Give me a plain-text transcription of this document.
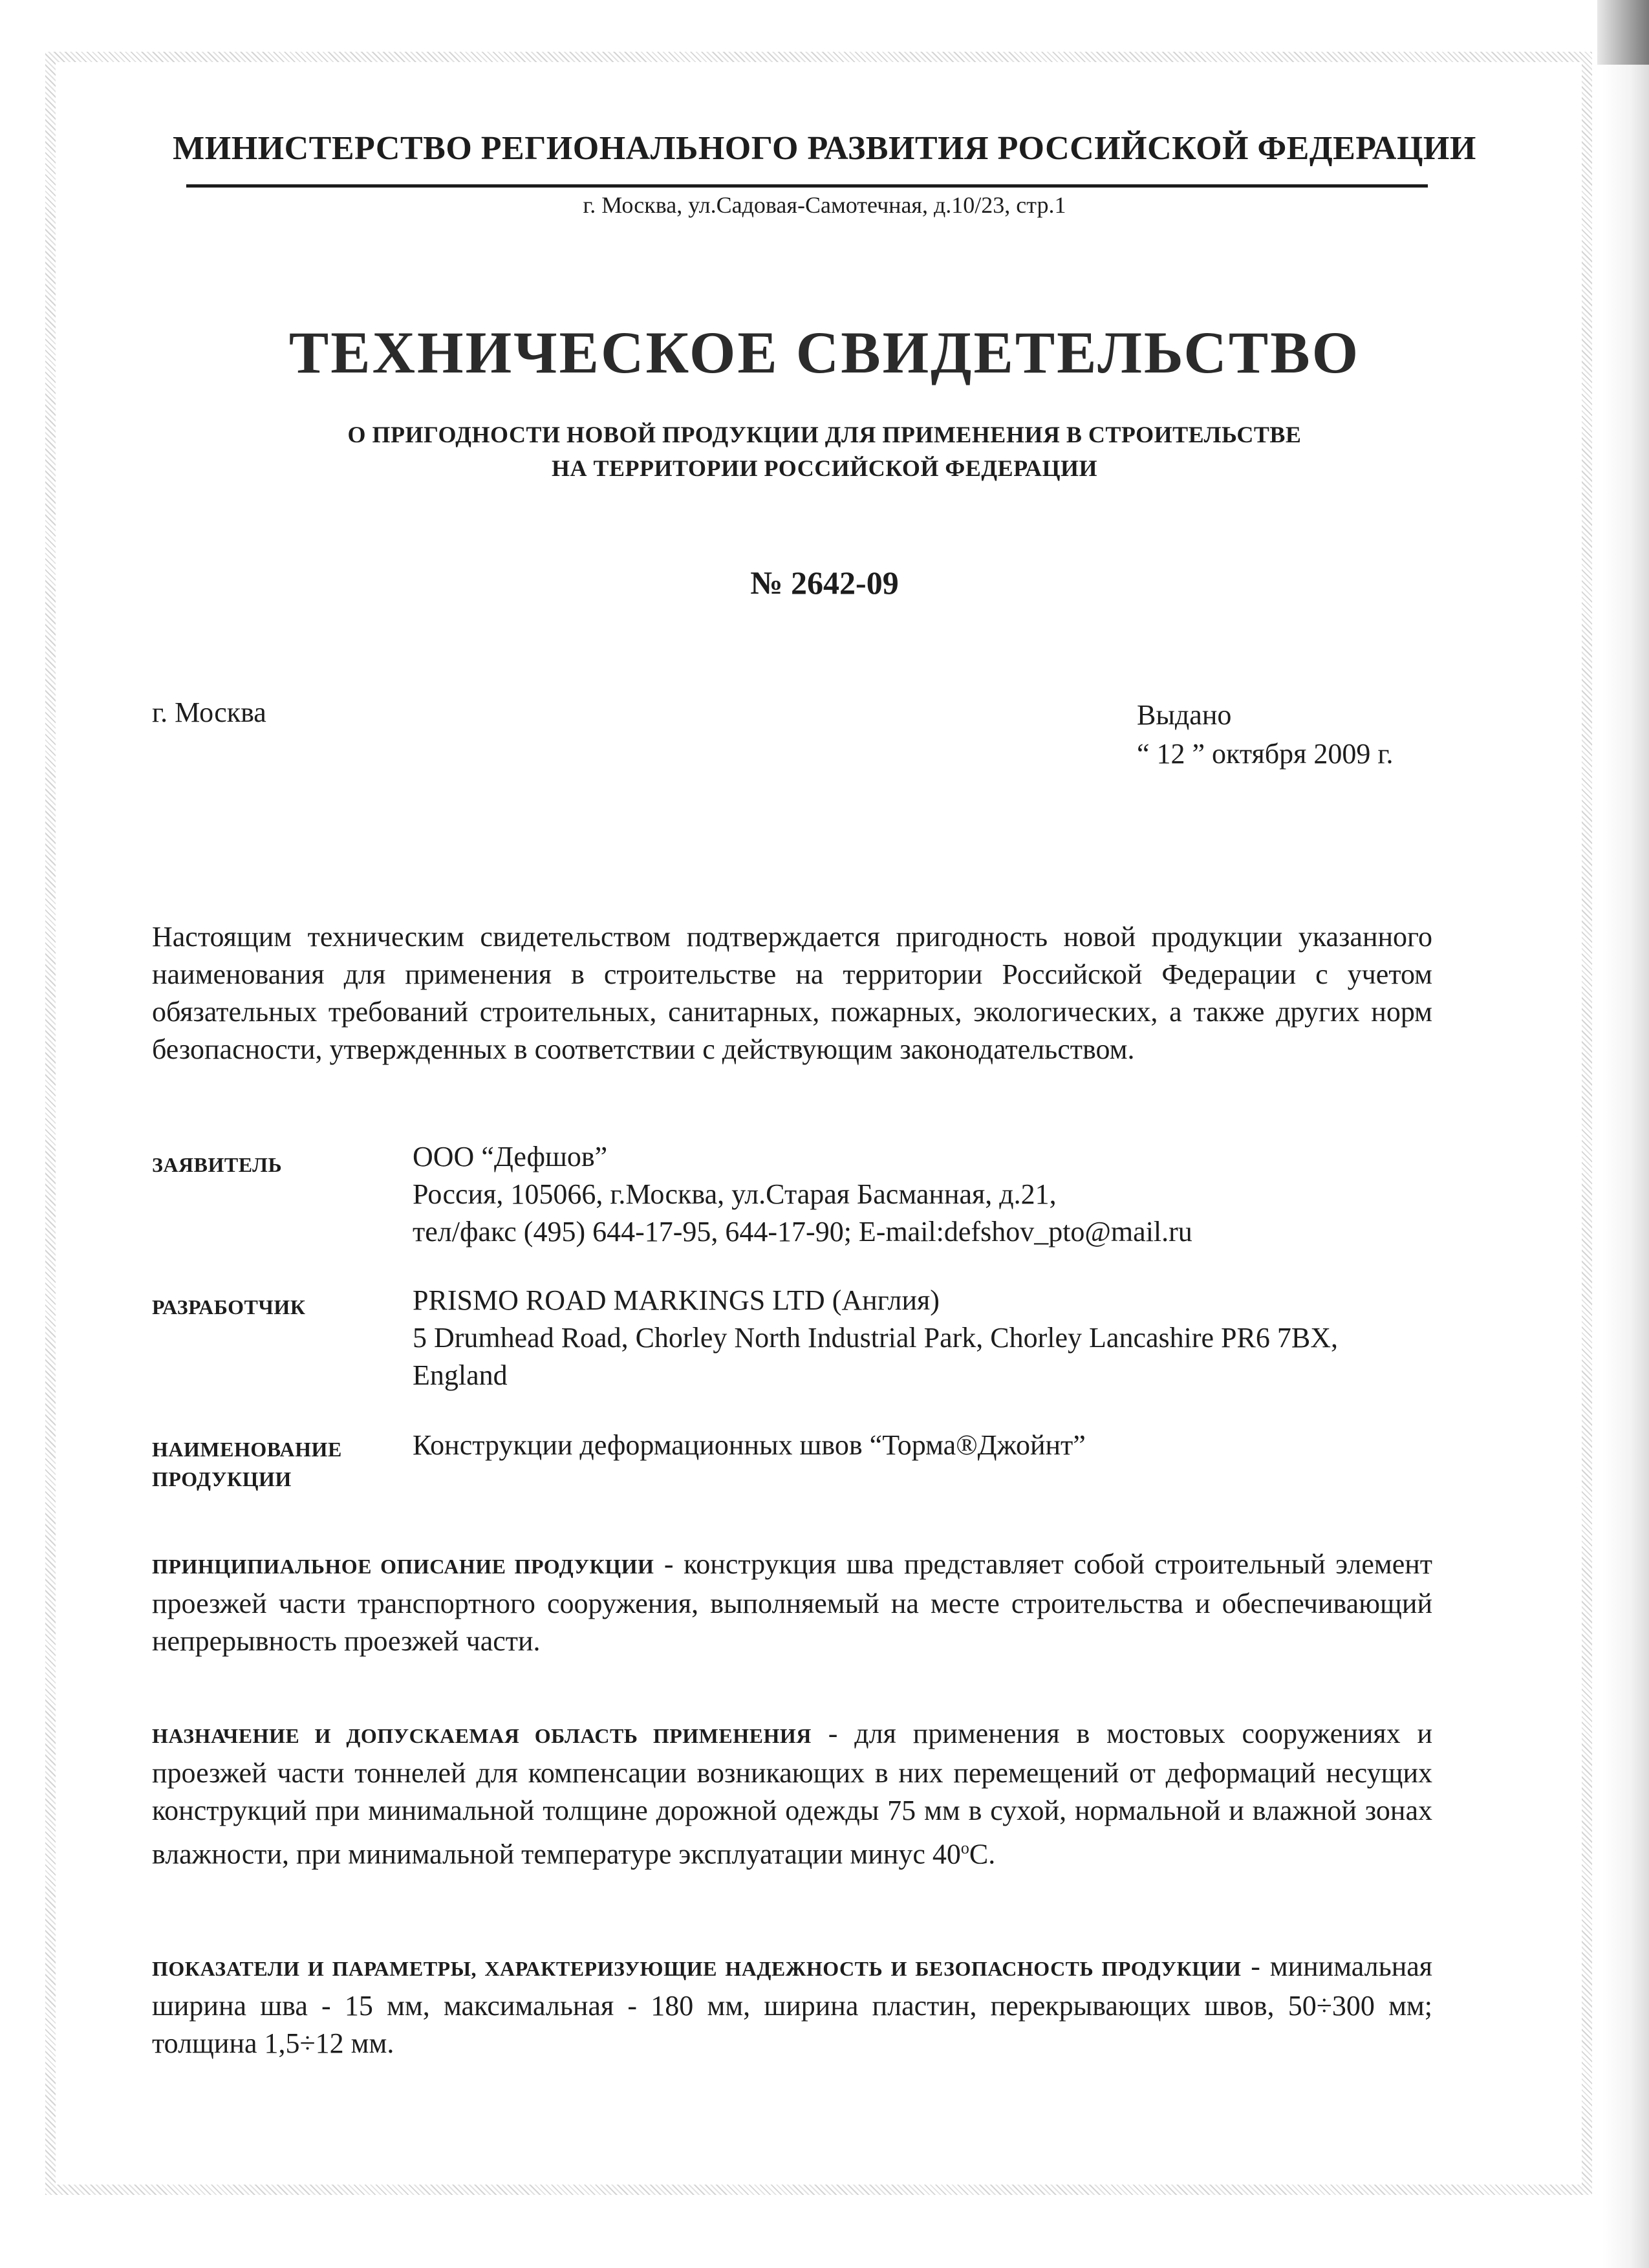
МИНИСТЕРСТВО РЕГИОНАЛЬНОГО РАЗВИТИЯ РОССИЙСКОЙ ФЕДЕРАЦИИ
г. Москва, ул.Садовая-Самотечная, д.10/23, стр.1
ТЕХНИЧЕСКОЕ СВИДЕТЕЛЬСТВО
О ПРИГОДНОСТИ НОВОЙ ПРОДУКЦИИ ДЛЯ ПРИМЕНЕНИЯ В СТРОИТЕЛЬСТВЕ
НА ТЕРРИТОРИИ РОССИЙСКОЙ ФЕДЕРАЦИИ
№ 2642-09
г. Москва	Выдано
“ 12 ” октября 2009 г.
Настоящим техническим свидетельством подтверждается пригодность новой продукции указанного наименования для применения в строительстве на территории Российской Федерации с учетом обязательных требований строительных, санитарных, пожарных, экологических, а также других норм безопасности, утвержденных в соответствии с действующим законодательством.
ЗАЯВИТЕЛЬ	ООО “Дефшов”
Россия, 105066, г.Москва, ул.Старая Басманная, д.21,
тел/факс (495) 644-17-95, 644-17-90; E-mail:defshov_pto@mail.ru
РАЗРАБОТЧИК	PRISMO ROAD MARKINGS LTD (Англия)
5 Drumhead Road, Chorley North Industrial Park, Chorley Lancashire PR6 7BX,
England
НАИМЕНОВАНИЕ
ПРОДУКЦИИ
Конструкции деформационных швов “Торма®Джойнт”
ПРИНЦИПИАЛЬНОЕ ОПИСАНИЕ ПРОДУКЦИИ - конструкция шва представляет собой строительный элемент проезжей части транспортного сооружения, выполняемый на месте строительства и обеспечивающий непрерывность проезжей части.
НАЗНАЧЕНИЕ И ДОПУСКАЕМАЯ ОБЛАСТЬ ПРИМЕНЕНИЯ - для применения в мостовых сооружениях и проезжей части тоннелей для компенсации возникающих в них перемещений от деформаций несущих конструкций при минимальной толщине дорожной одежды 75 мм в сухой, нормальной и влажной зонах влажности, при минимальной температуре эксплуатации минус $40^оС$.
ПОКАЗАТЕЛИ И ПАРАМЕТРЫ, ХАРАКТЕРИЗУЮЩИЕ НАДЕЖНОСТЬ И БЕЗОПАСНОСТЬ ПРОДУКЦИИ - минимальная ширина шва - 15 мм, максимальная - 180 мм, ширина пластин, перекрывающих швов, 50÷300 мм; толщина 1,5÷12 мм.
